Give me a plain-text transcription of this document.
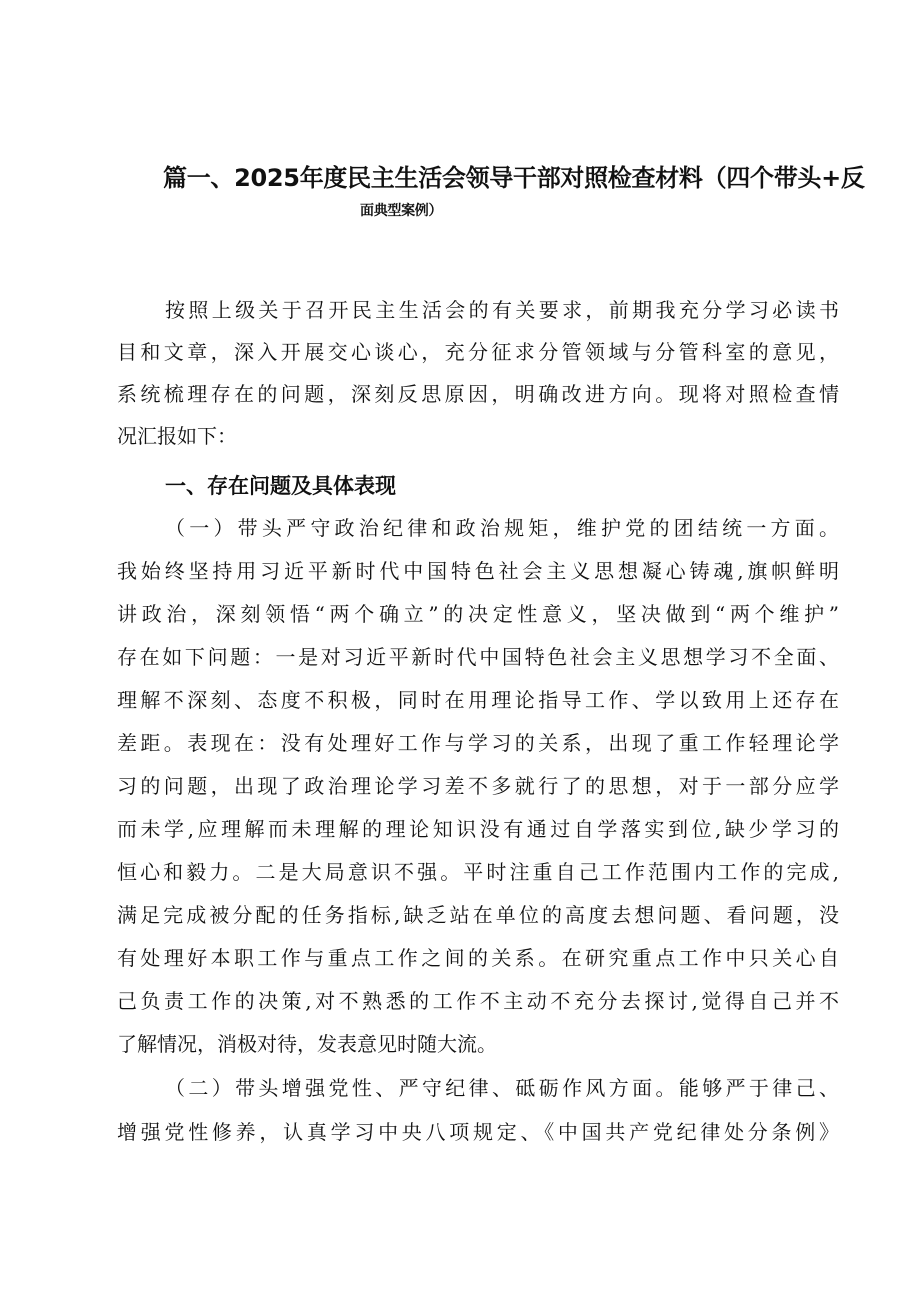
篇一、2025年度民主生活会领导干部对照检查材料（四个带头+反
面典型案例）
按照上级关于召开民主生活会的有关要求，前期我充分学习必读书
目和文章，深入开展交心谈心，充分征求分管领域与分管科室的意见，
系统梳理存在的问题，深刻反思原因，明确改进方向。现将对照检查情
况汇报如下：
一、存在问题及具体表现
（一）带头严守政治纪律和政治规矩，维护党的团结统一方面。
我始终坚持用习近平新时代中国特色社会主义思想凝心铸魂,旗帜鲜明
讲政治，深刻领悟“两个确立”的决定性意义，坚决做到“两个维护”
存在如下问题：一是对习近平新时代中国特色社会主义思想学习不全面、
理解不深刻、态度不积极，同时在用理论指导工作、学以致用上还存在
差距。表现在：没有处理好工作与学习的关系，出现了重工作轻理论学
习的问题，出现了政治理论学习差不多就行了的思想，对于一部分应学
而未学,应理解而未理解的理论知识没有通过自学落实到位,缺少学习的
恒心和毅力。二是大局意识不强。平时注重自己工作范围内工作的完成,
满足完成被分配的任务指标,缺乏站在单位的高度去想问题、看问题，没
有处理好本职工作与重点工作之间的关系。在研究重点工作中只关心自
己负责工作的决策,对不熟悉的工作不主动不充分去探讨,觉得自己并不
了解情况，消极对待，发表意见时随大流。
（二）带头增强党性、严守纪律、砥砺作风方面。能够严于律己、
增强党性修养，认真学习中央八项规定、《中国共产党纪律处分条例》
